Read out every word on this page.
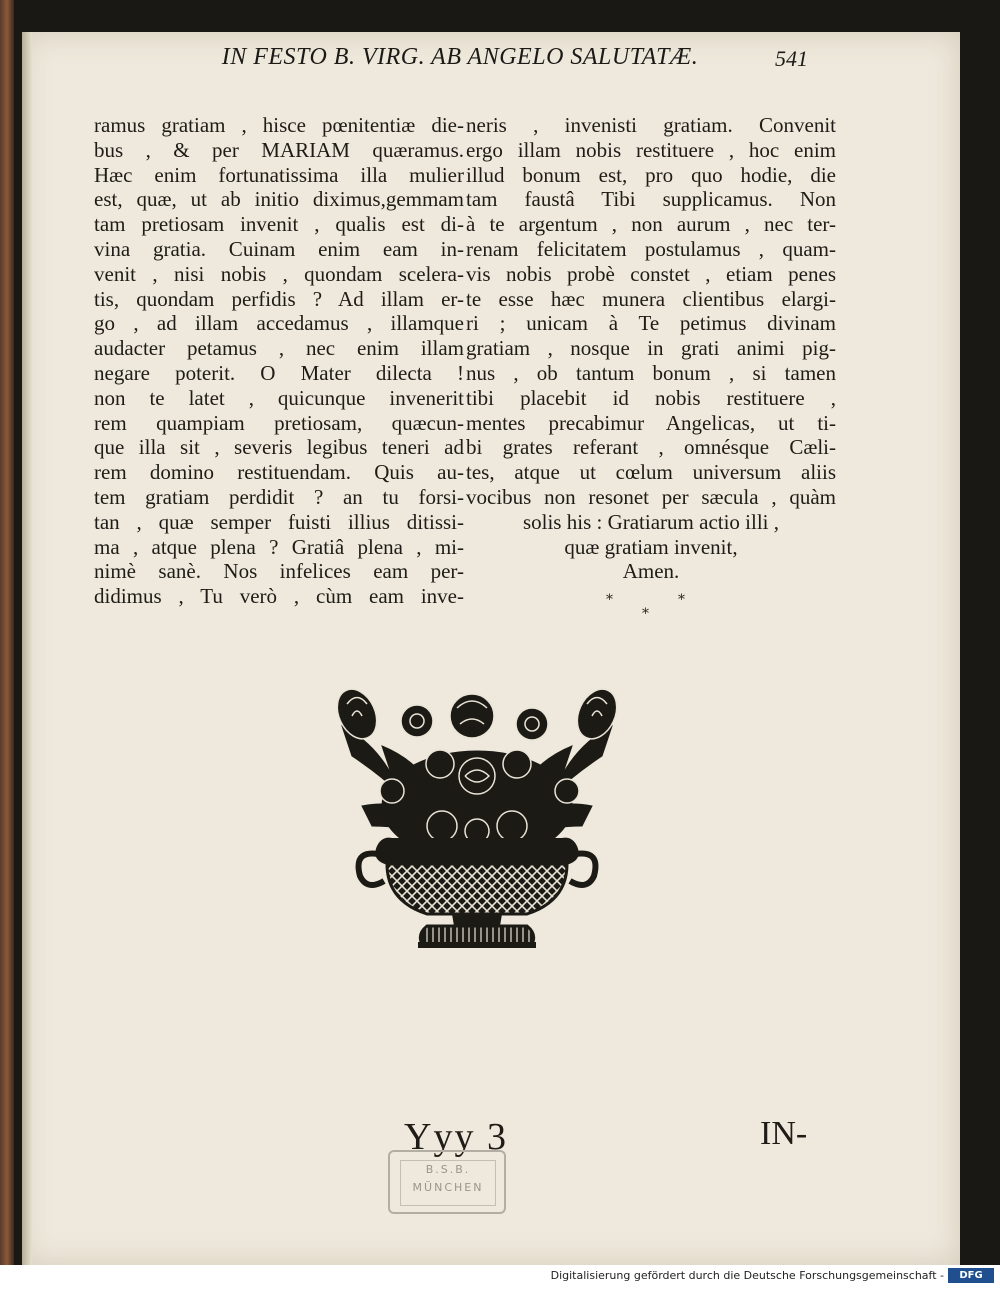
IN FESTO B. VIRG. AB ANGELO SALUTATÆ.	541
ramus gratiam , hisce pœnitentiæ die-
bus , & per MARIAM quæramus.
Hæc enim fortunatissima illa mulier
est, quæ, ut ab initio diximus,gemmam
tam pretiosam invenit , qualis est di-
vina gratia. Cuinam enim eam in-
venit , nisi nobis , quondam scelera-
tis, quondam perfidis ? Ad illam er-
go , ad illam accedamus , illamque
audacter petamus , nec enim illam
negare poterit. O Mater dilecta !
non te latet , quicunque invenerit
rem quampiam pretiosam, quæcun-
que illa sit , severis legibus teneri ad
rem domino restituendam. Quis au-
tem gratiam perdidit ? an tu forsi-
tan , quæ semper fuisti illius ditissi-
ma , atque plena ? Gratiâ plena , mi-
nimè sanè. Nos infelices eam per-
didimus , Tu verò , cùm eam inve-
neris , invenisti gratiam. Convenit
ergo illam nobis restituere , hoc enim
illud bonum est, pro quo hodie, die
tam faustâ Tibi supplicamus. Non
à te argentum , non aurum , nec ter-
renam felicitatem postulamus , quam-
vis nobis probè constet , etiam penes
te esse hæc munera clientibus elargi-
ri ; unicam à Te petimus divinam
gratiam , nosque in grati animi pig-
nus , ob tantum bonum , si tamen
tibi placebit id nobis restituere ,
mentes precabimur Angelicas, ut ti-
bi grates referant , omnésque Cæli-
tes, atque ut cœlum universum aliis
vocibus non resonet per sæcula , quàm
solis his : Gratiarum actio illi ,
quæ gratiam invenit,
Amen.
*
*
*
Yyy 3	IN-
B.S.B.
MÜNCHEN
Digitalisierung gefördert durch die Deutsche Forschungsgemeinschaft -	DFG
